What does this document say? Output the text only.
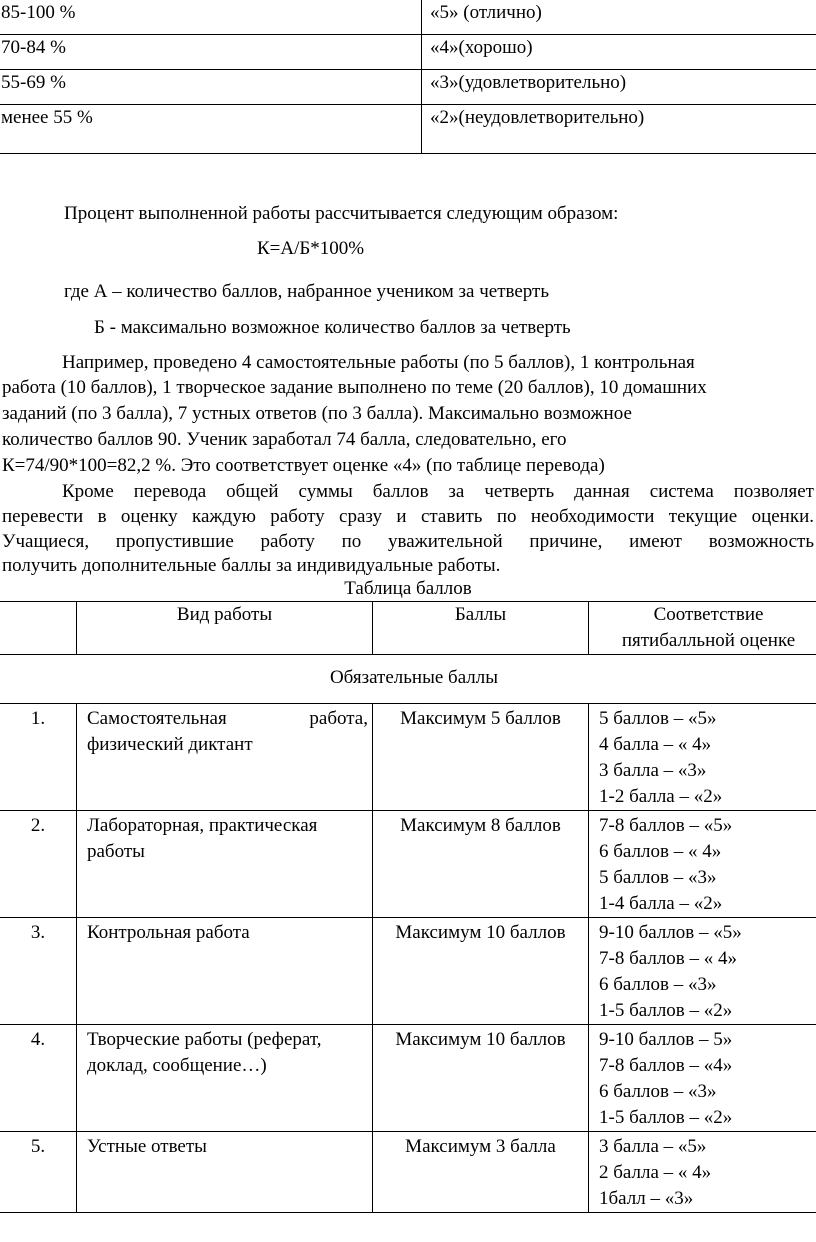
85-100 %	«5» (отлично)
70-84 %	«4»(хорошо)
55-69 %	«3»(удовлетворительно)
менее 55 %	«2»(неудовлетворительно)
Процент выполненной работы рассчитывается следующим образом:
К=А/Б*100%
где А – количество баллов, набранное учеником за четверть
Б - максимально возможное количество баллов за четверть
Например, проведено 4 самостоятельные работы (по 5 баллов), 1 контрольная
работа (10 баллов), 1 творческое задание выполнено по теме (20 баллов), 10 домашних
заданий (по 3 балла), 7 устных ответов (по 3 балла). Максимально возможное
количество баллов 90. Ученик заработал 74 балла, следовательно, его
К=74/90*100=82,2 %. Это соответствует оценке «4» (по таблице перевода)
Кроме перевода общей суммы баллов за четверть данная система позволяет
перевести в оценку каждую работу сразу и ставить по необходимости текущие оценки.
Учащиеся, пропустившие работу по уважительной причине, имеют возможность
получить дополнительные баллы за индивидуальные работы.
Таблица баллов
	Вид работы	Баллы	Соответствие
пятибалльной оценке

Обязательные баллы			
1.	Самостоятельная работа,
физический диктант	Максимум 5 баллов	5 баллов – «5»
4 балла – « 4»
3 балла – «3»
1-2 балла – «2»

2.	Лабораторная, практическая
работы	Максимум 8 баллов	7-8 баллов – «5»
6 баллов – « 4»
5 баллов – «3»
1-4 балла – «2»

3.	Контрольная работа	Максимум 10 баллов	9-10 баллов – «5»
7-8 баллов – « 4»
6 баллов – «3»
1-5 баллов – «2»

4.	Творческие работы (реферат,
доклад, сообщение…)	Максимум 10 баллов	9-10 баллов – 5»
7-8 баллов – «4»
6 баллов – «3»
1-5 баллов – «2»

5.	Устные ответы	Максимум 3 балла	3 балла – «5»
2 балла – « 4»
1балл – «3»
